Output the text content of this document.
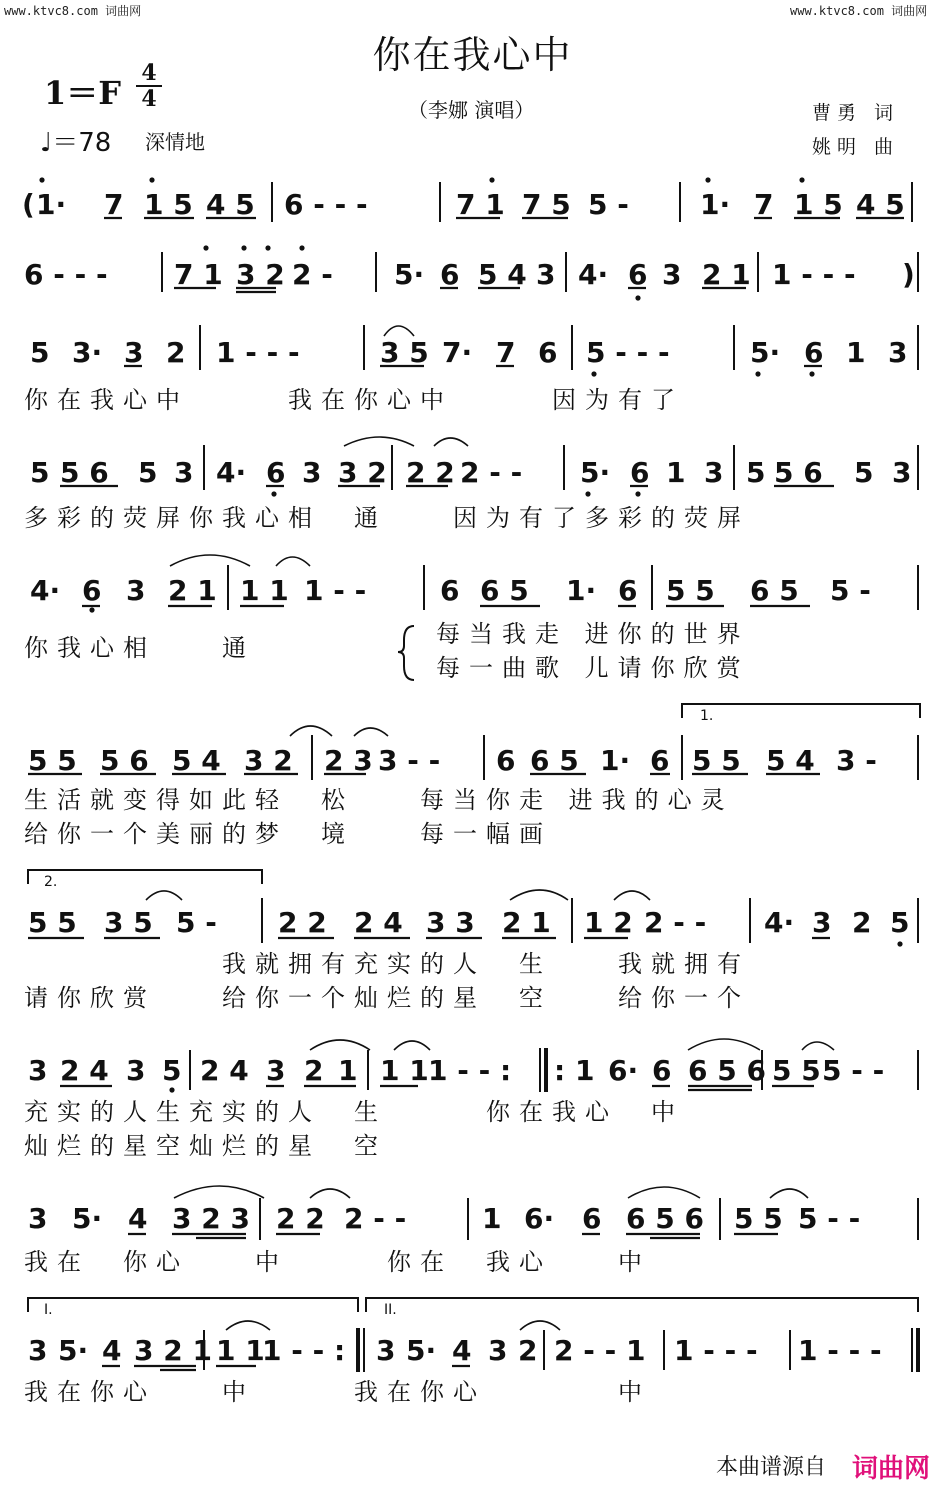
www.ktvc8.com 词曲网	www.ktvc8.com 词曲网
你在我心中
1＝F
4
4
♩＝78 深情地
（李娜 演唱）	曹勇 词
姚明 曲
( 1· 7 1 5 4 5 6 - - -	7 1 7 5 5 -	1· 7 1 5 4 5
6 - - - 7 1 3 2 2 - 5· 6 5 4 3 4· 6 3 2 1 1 - - - )
5 3· 3 2 1 - - -	3 5 7· 7 6 5 - - -	5· 6 1 3
5 5 6 5 3 4· 6 3 3 2 2 2 2 - - 5· 6 1 3 5 5 6 5 3
4· 6 3 2 1 1 1 1 - -	6 6 5 1· 6 5 5 6 5 5 -
5 5 5 6 5 4 3 2 2 3 3 - - 6 6 5 1· 6 5 5 5 4 3 -
5 5 3 5 5 - 2 2 2 4 3 3 2 1 1 2 2 - - 4· 3 2 5
3 2 4 3 5 2 4 3 2 1 1 1 1 - - : : 1 6· 6 6 5 6 5 5 5 - -
3 5· 4 3 2 3 2 2 2 - -	1 6· 6 6 5 6 5 5 5 - -
3 5· 4 3 2 1 1 1
1 - - : 3 5· 4 3 2 2 - - 1 1 - - - 1 - - -
1.
2.
I.	II.
你在我心中　　　我在你心中　　　因为有了
多彩的荧屏你我心相　通　　因为有了多彩的荧屏
你我心相　　通	每当我走 进你的世界
每一曲歌 儿请你欣赏
生活就变得如此轻　松　　每当你走 进我的心灵
给你一个美丽的梦　境　　每一幅画
　　　　　　我就拥有充实的人　生　　我就拥有
请你欣赏　　给你一个灿烂的星　空　　给你一个
充实的人生充实的人　生　　　你在我心　中
灿烂的星空灿烂的星　空
我在　你心　　中　　　你在　我心　　中
我在你心　　中　　　我在你心　　　　中
本曲谱源自 词曲网
